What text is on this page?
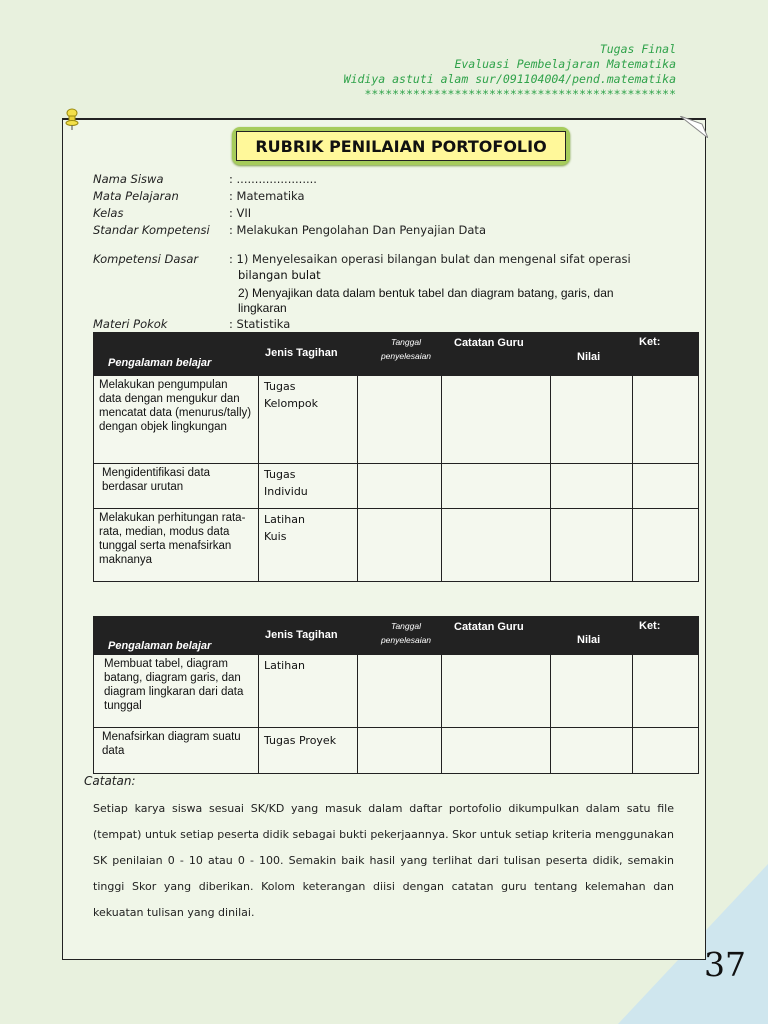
Tugas Final
Evaluasi Pembelajaran Matematika
Widiya astuti alam sur/091104004/pend.matematika
*********************************************
RUBRIK PENILAIAN PORTOFOLIO
Nama Siswa	: ......................
Mata Pelajaran	: Matematika
Kelas	: VII
Standar Kompetensi : Melakukan Pengolahan Dan Penyajian Data
Kompetensi Dasar	: 1) Menyelesaikan operasi bilangan bulat dan mengenal sifat operasi
bilangan bulat
2) Menyajikan data dalam bentuk tabel dan diagram batang, garis, dan
lingkaran
Materi Pokok	: Statistika
Pengalaman belajar	Jenis Tagihan	Tanggal
penyelesaian	Catatan Guru	Nilai	Ket:

Melakukan pengumpulan data dengan mengukur dan mencatat data (menurus/tally) dengan objek lingkungan	Tugas
Kelompok				
Mengidentifikasi data berdasar urutan	Tugas
Individu				
Melakukan perhitungan rata-rata, median, modus data tunggal serta menafsirkan maknanya	Latihan
Kuis				
Pengalaman belajar	Jenis Tagihan	Tanggal
penyelesaian	Catatan Guru	Nilai	Ket:

Membuat tabel, diagram batang, diagram garis, dan diagram lingkaran dari data tunggal	Latihan				
Menafsirkan diagram suatu data	Tugas Proyek				
Catatan:
Setiap karya siswa sesuai SK/KD yang masuk dalam daftar portofolio dikumpulkan dalam satu file (tempat) untuk setiap peserta didik sebagai bukti pekerjaannya. Skor untuk setiap kriteria menggunakan SK penilaian 0 - 10 atau 0 - 100. Semakin baik hasil yang terlihat dari tulisan peserta didik, semakin tinggi Skor yang diberikan. Kolom keterangan diisi dengan catatan guru tentang kelemahan dan kekuatan tulisan yang dinilai.
37
